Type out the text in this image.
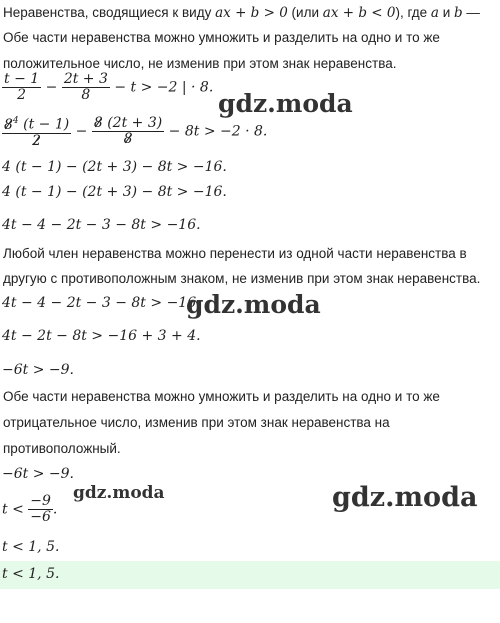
Неравенства, сводящиеся к виду ax + b > 0 (или ax + b < 0), где a и b —
Обе части неравенства можно умножить и разделить на одно и то же
положительное число, не изменив при этом знак неравенства.
$\frac{t - 1}{2} - \frac{2t + 3}{8} - t > -2$ | · 8.
$\frac{8^4 (t - 1)}{2} - \frac{8 (2t + 3)}{8} - 8t > -2 \cdot 8$.
4 (t − 1) − (2t + 3) − 8t > −16.
4 (t − 1) − (2t + 3) − 8t > −16.
4t − 4 − 2t − 3 − 8t > −16.
Любой член неравенства можно перенести из одной части неравенства в
другую с противоположным знаком, не изменив при этом знак неравенства.
4t − 4 − 2t − 3 − 8t > −16.
4t − 2t − 8t > −16 + 3 + 4.
−6t > −9.
Обе части неравенства можно умножить и разделить на одно и то же
отрицательное число, изменив при этом знак неравенства на
противоположный.
−6t > −9.
$t < \frac{-9}{-6}$ .
t < 1, 5.
t < 1, 5.
gdz.moda
gdz.moda
gdz.moda	gdz.moda
